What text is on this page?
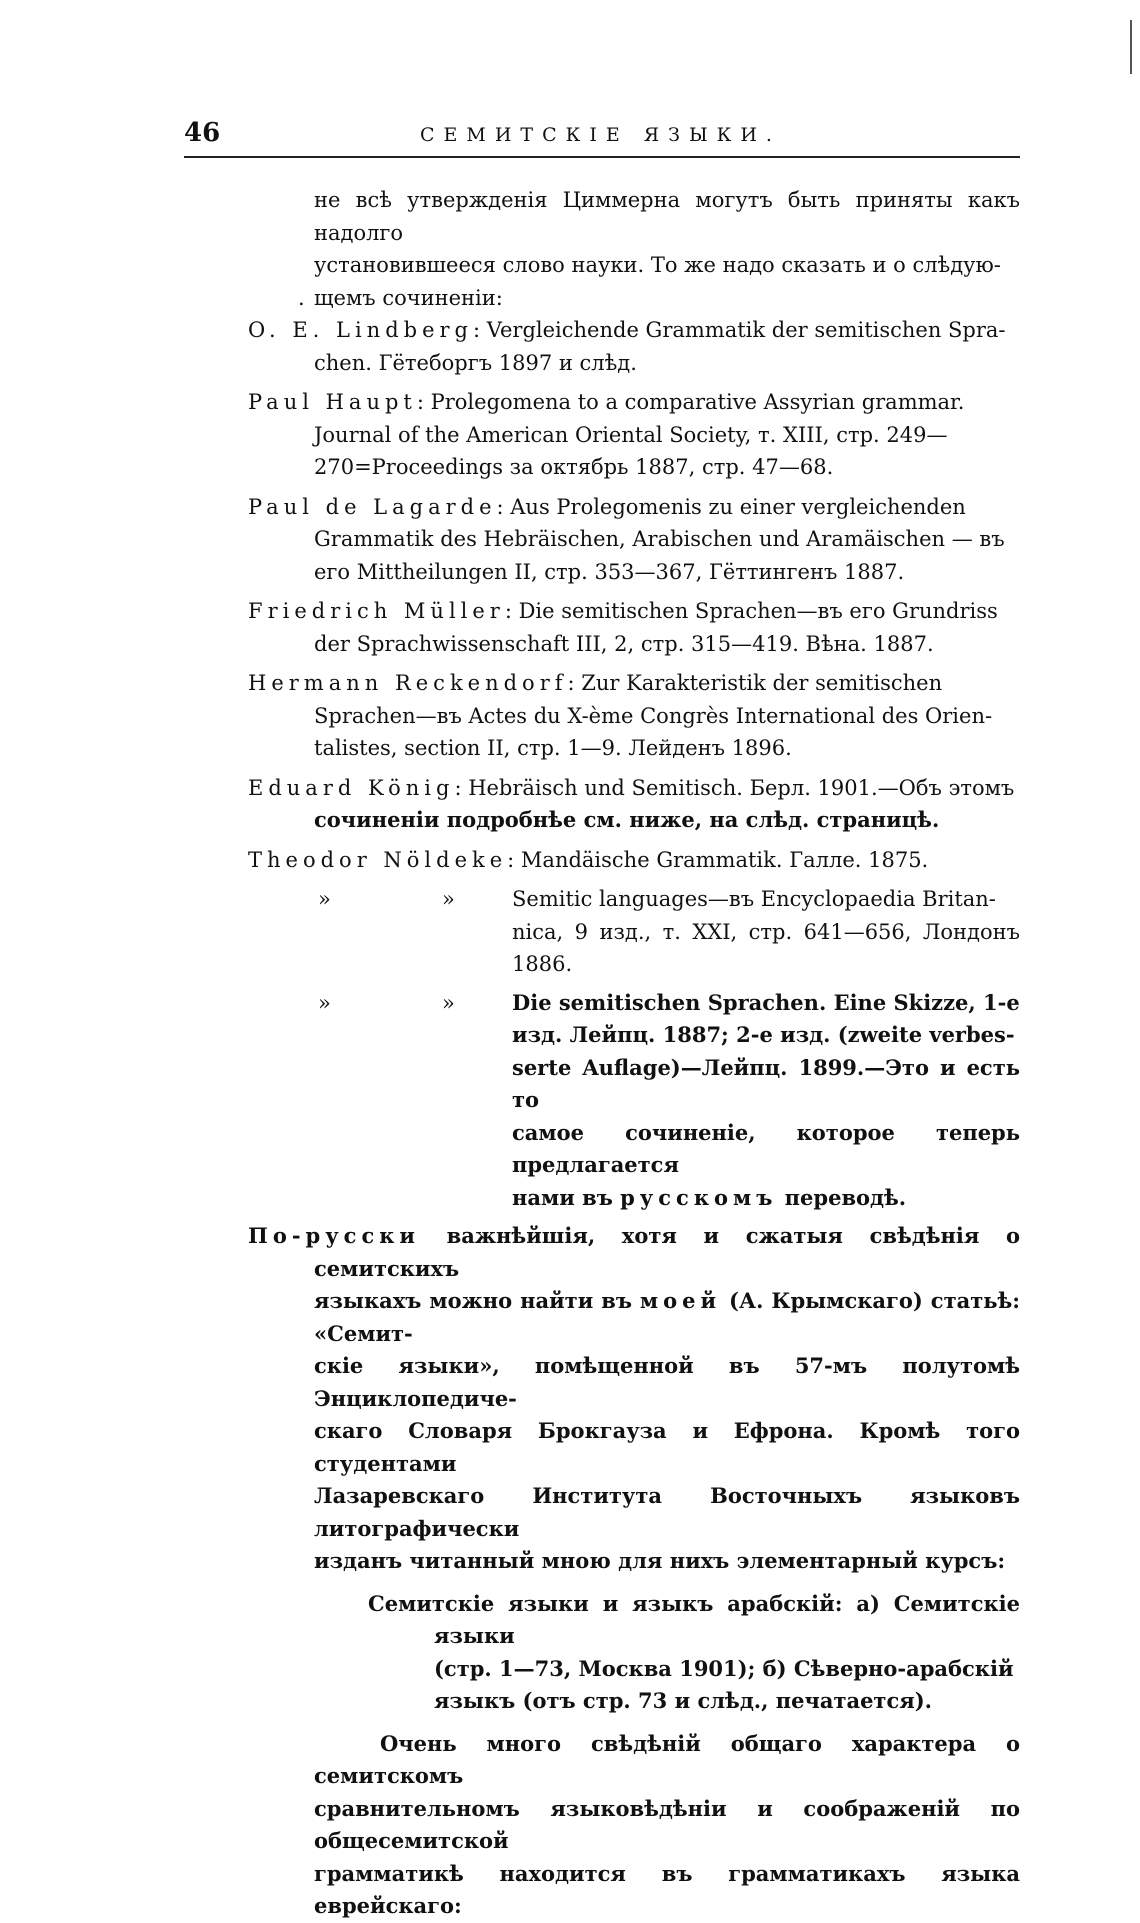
46	СЕМИТСКІЕ ЯЗЫКИ.

не всѣ утвержденія Циммерна могутъ быть приняты какъ надолго
установившееся слово науки. То же надо сказать и о слѣдую-
. щемъ сочиненіи:

O. E. Lindberg: Vergleichende Grammatik der semitischen Spra-
chen. Гётеборгъ 1897 и слѣд.
Paul Haupt: Prolegomena to a comparative Assyrian grammar.
Journal of the American Oriental Society, т. XIII, стр. 249—
270=Proceedings за октябрь 1887, стр. 47—68.
Paul de Lagarde: Aus Prolegomenis zu einer vergleichenden
Grammatik des Hebräischen, Arabischen und Aramäischen — въ
его Mittheilungen II, стр. 353—367, Гёттингенъ 1887.
Friedrich Müller: Die semitischen Sprachen—въ его Grundriss
der Sprachwissenschaft III, 2, стр. 315—419. Вѣна. 1887.
Hermann Reckendorf: Zur Karakteristik der semitischen
Sprachen—въ Actes du X-ème Congrès International des Orien-
talistes, section II, стр. 1—9. Лейденъ 1896.
Eduard König: Hebräisch und Semitisch. Берл. 1901.—Объ этомъ
сочиненіи подробнѣе см. ниже, на слѣд. страницѣ.
Theodor Nöldeke: Mandäische Grammatik. Галле. 1875.
»	»	Semitic languages—въ Encyclopaedia Britan-
nica, 9 изд., т. XXI, стр. 641—656, Лондонъ 1886.
»	»	Die semitischen Sprachen. Eine Skizze, 1-е
изд. Лейпц. 1887; 2-е изд. (zweite verbes-
serte Auflage)—Лейпц. 1899.—Это и есть то
самое сочиненіе, которое теперь предлагается
нами въ русскомъ переводѣ.
По-русски важнѣйшія, хотя и сжатыя свѣдѣнія о семитскихъ
языкахъ можно найти въ моей (А. Крымскаго) статьѣ: «Семит-
скіе языки», помѣщенной въ 57-мъ полутомѣ Энциклопедиче-
скаго Словаря Брокгауза и Ефрона. Кромѣ того студентами
Лазаревскаго Института Восточныхъ языковъ литографически
изданъ читанный мною для нихъ элементарный курсъ:
Семитскіе языки и языкъ арабскій: а) Семитскіе языки
(стр. 1—73, Москва 1901); б) Сѣверно-арабскій
языкъ (отъ стр. 73 и слѣд., печатается).
Очень много свѣдѣній общаго характера о семитскомъ
сравнительномъ языковѣдѣніи и соображеній по общесемитской
грамматикѣ находится въ грамматикахъ языка еврейскаго:
